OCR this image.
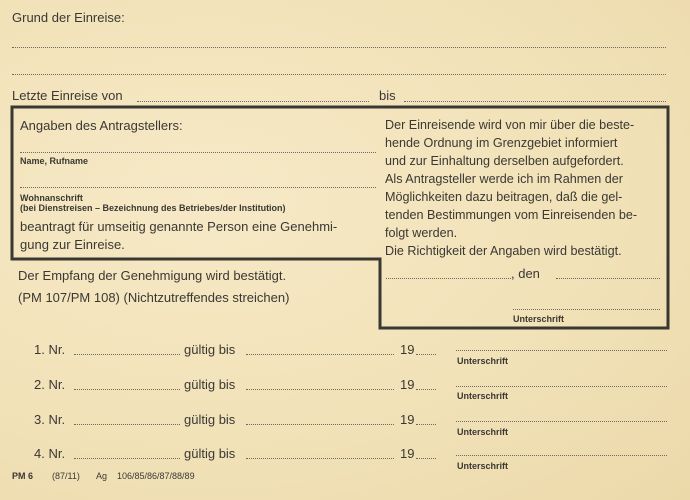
Grund der Einreise:
Letzte Einreise von	bis
Angaben des Antragstellers:
Name, Rufname
Wohnanschrift
(bei Dienstreisen – Bezeichnung des Betriebes/der Institution)
beantragt für umseitig genannte Person eine Genehmi-
gung zur Einreise.
Der Einreisende wird von mir über die beste-
hende Ordnung im Grenzgebiet informiert
und zur Einhaltung derselben aufgefordert.
Als Antragsteller werde ich im Rahmen der
Möglichkeiten dazu beitragen, daß die gel-
tenden Bestimmungen vom Einreisenden be-
folgt werden.
Die Richtigkeit der Angaben wird bestätigt.
, den
Unterschrift
Der Empfang der Genehmigung wird bestätigt.
(PM 107/PM 108) (Nichtzutreffendes streichen)
1. Nr.	gültig bis	19
Unterschrift
2. Nr.	gültig bis	19
Unterschrift
3. Nr.	gültig bis	19
Unterschrift
4. Nr.	gültig bis	19
Unterschrift
PM 6 (87/11) Ag 106/85/86/87/88/89
